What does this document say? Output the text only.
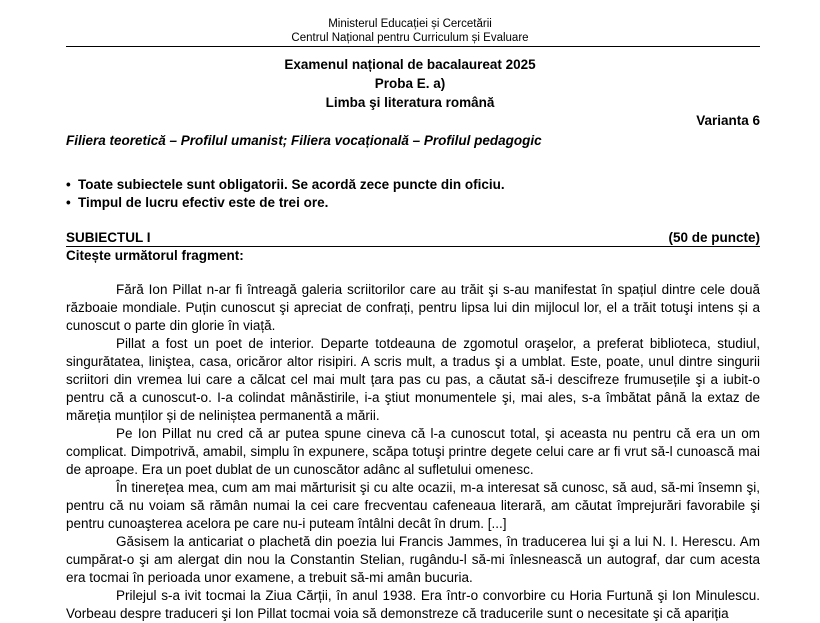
Ministerul Educației și Cercetării
Centrul Național pentru Curriculum și Evaluare
Examenul național de bacalaureat 2025
Proba E. a)
Limba şi literatura română
Varianta 6
Filiera teoretică – Profilul umanist; Filiera vocațională – Profilul pedagogic
• Toate subiectele sunt obligatorii. Se acordă zece puncte din oficiu.
• Timpul de lucru efectiv este de trei ore.
SUBIECTUL I	(50 de puncte)
Citește următorul fragment:

Fără Ion Pillat n-ar fi întreagă galeria scriitorilor care au trăit şi s-au manifestat în spațiul dintre cele două războaie mondiale. Puțin cunoscut şi apreciat de confrați, pentru lipsa lui din mijlocul lor, el a trăit totuşi intens și a cunoscut o parte din glorie în viață.

Pillat a fost un poet de interior. Departe totdeauna de zgomotul oraşelor, a preferat biblioteca, studiul, singurătatea, liniştea, casa, oricăror altor risipiri. A scris mult, a tradus şi a umblat. Este, poate, unul dintre singurii scriitori din vremea lui care a călcat cel mai mult țara pas cu pas, a căutat să-i descifreze frumusețile şi a iubit-o pentru că a cunoscut-o. I-a colindat mânăstirile, i-a ştiut monumentele şi, mai ales, s-a îmbătat până la extaz de măreția munților și de neliniștea permanentă a mării.

Pe Ion Pillat nu cred că ar putea spune cineva că l-a cunoscut total, şi aceasta nu pentru că era un om complicat. Dimpotrivă, amabil, simplu în expunere, scăpa totuşi printre degete celui care ar fi vrut să-l cunoască mai de aproape. Era un poet dublat de un cunoscător adânc al sufletului omenesc.

În tinerețea mea, cum am mai mărturisit şi cu alte ocazii, m-a interesat să cunosc, să aud, să-mi însemn şi, pentru că nu voiam să rămân numai la cei care frecventau cafeneaua literară, am căutat împrejurări favorabile şi pentru cunoaşterea acelora pe care nu-i puteam întâlni decât în drum. [...]

Găsisem la anticariat o plachetă din poezia lui Francis Jammes, în traducerea lui şi a lui N. I. Herescu. Am cumpărat-o şi am alergat din nou la Constantin Stelian, rugându-l să-mi înlesnească un autograf, dar cum acesta era tocmai în perioada unor examene, a trebuit să-mi amân bucuria.

Prilejul s-a ivit tocmai la Ziua Cărții, în anul 1938. Era într-o convorbire cu Horia Furtună şi Ion Minulescu. Vorbeau despre traduceri şi Ion Pillat tocmai voia să demonstreze că traducerile sunt o necesitate şi că apariția
